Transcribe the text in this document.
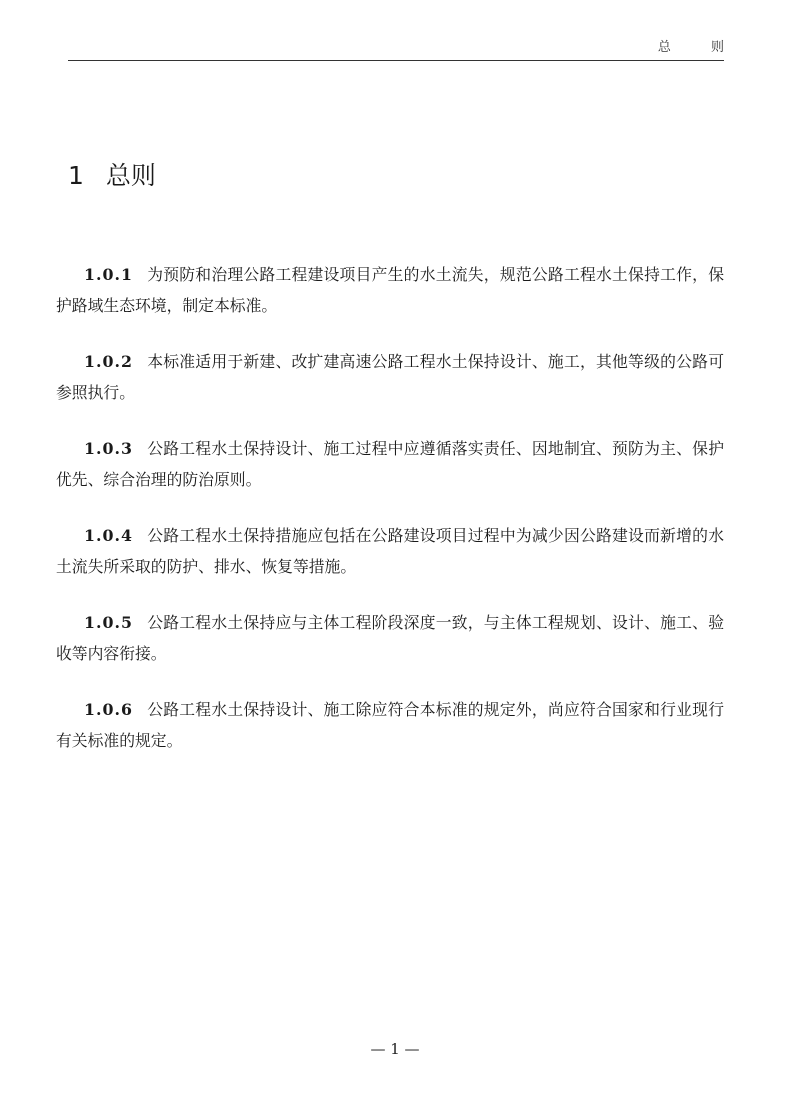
总 则
1 总则

1.0.1 为预防和治理公路工程建设项目产生的水土流失，规范公路工程水土保持工作，保护路域生态环境，制定本标准。

1.0.2 本标准适用于新建、改扩建高速公路工程水土保持设计、施工，其他等级的公路可参照执行。

1.0.3 公路工程水土保持设计、施工过程中应遵循落实责任、因地制宜、预防为主、保护优先、综合治理的防治原则。

1.0.4 公路工程水土保持措施应包括在公路建设项目过程中为减少因公路建设而新增的水土流失所采取的防护、排水、恢复等措施。

1.0.5 公路工程水土保持应与主体工程阶段深度一致，与主体工程规划、设计、施工、验收等内容衔接。

1.0.6 公路工程水土保持设计、施工除应符合本标准的规定外，尚应符合国家和行业现行有关标准的规定。

— 1 —
